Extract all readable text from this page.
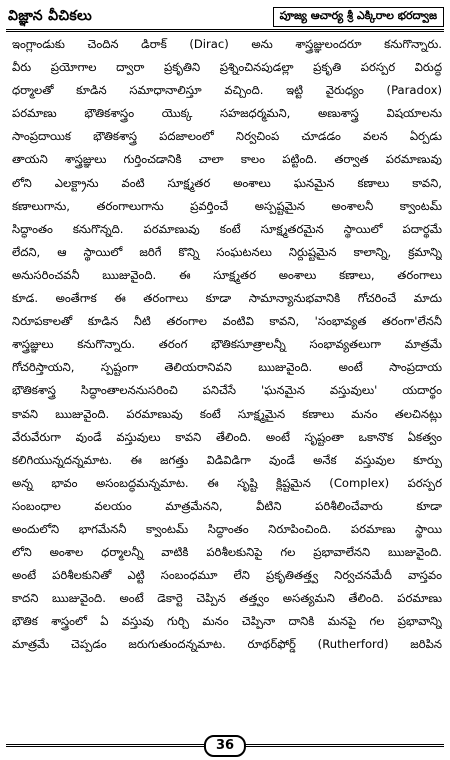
విజ్ఞాన వీచికలు	పూజ్య ఆచార్య శ్రీ ఎక్కిరాల భరద్వాజ
ఇంగ్లాండుకు చెందిన డిరాక్ (Dirac) అను శాస్త్రజ్ఞులందరూ కనుగొన్నారు.
వీరు ప్రయోగాల ద్వారా ప్రకృతిని ప్రశ్నించినపుడల్లా ప్రకృతి పరస్పర విరుద్ధ
ధర్మాలతో కూడిన సమాధానాలిస్తూ వచ్చింది. ఇట్టి వైరుధ్యం (Paradox)
పరమాణు భౌతికశాస్త్రం యొక్క సహజధర్మమని, అణుశాస్త్ర విషయాలను
సాంప్రదాయిక భౌతికశాస్త్ర పదజాలంలో నిర్వచింప చూడడం వలన ఏర్పడు
తాయని శాస్త్రజ్ఞులు గుర్తించడానికి చాలా కాలం పట్టింది. తర్వాత పరమాణువు
లోని ఎలక్ట్రాను వంటి సూక్ష్మతర అంశాలు ఘనమైన కణాలు కావని,
కణాలుగాను, తరంగాలుగాను ప్రవర్తించే అస్పష్టమైన అంశాలనీ క్వాంటమ్
సిద్ధాంతం కనుగొన్నది. పరమాణువు కంటే సూక్ష్మతరమైన స్థాయిలో పదార్థమే
లేదని, ఆ స్థాయిలో జరిగే కొన్ని సంఘటనలు నిర్దుష్టమైన కాలాన్ని, క్రమాన్ని
అనుసరించవనీ ఋజువైంది. ఈ సూక్ష్మతర అంశాలు కణాలు, తరంగాలు
కూడ. అంతేగాక ఈ తరంగాలు కూడా సామాన్యానుభవానికి గోచరించే మాదు
నిరూపకాలతో కూడిన నీటి తరంగాల వంటివి కావని, 'సంభావ్యత తరంగా'లేననీ
శాస్త్రజ్ఞులు కనుగొన్నారు. తరంగ భౌతికసూత్రాలన్నీ సంభావ్యతలుగా మాత్రమే
గోచరిస్తాయని, స్పష్టంగా తెలియరానివని ఋజువైంది. అంటే సాంప్రదాయ
భౌతికశాస్త్ర సిద్ధాంతాలననుసరించి పనిచేసే 'ఘనమైన వస్తువులు' యదార్థం
కావని ఋజువైంది. పరమాణువు కంటే సూక్ష్మమైన కణాలు మనం తలచినట్లు
వేరువేరుగా వుండే వస్తువులు కావని తేలింది. అంటే సృష్టంతా ఒకానొక ఏకత్వం
కలిగియున్నదన్నమాట. ఈ జగత్తు విడివిడిగా వుండే అనేక వస్తువుల కూర్పు
అన్న భావం అసంబద్ధమన్నమాట. ఈ సృష్టి క్లిష్టమైన (Complex) పరస్పర
సంబంధాల వలయం మాత్రమేనని, వీటిని పరిశీలించేవారు కూడా
అందులోని భాగమేననీ క్వాంటమ్ సిద్ధాంతం నిరూపించింది. పరమాణు స్థాయి
లోని అంశాల ధర్మాలన్నీ వాటికి పరిశీలకునిపై గల ప్రభావాలేనని ఋజువైంది.
అంటే పరిశీలకునితో ఎట్టి సంబంధమూ లేని ప్రకృతితత్త్వ నిర్వచనమేదీ వాస్తవం
కాదని ఋజువైంది. అంటే డెకార్టె చెప్పిన తత్త్వం అసత్యమని తేలింది. పరమాణు
భౌతిక శాస్త్రంలో ఏ వస్తువు గుర్చి మనం చెప్పినా దానికి మనపై గల ప్రభావాన్ని
మాత్రమే చెప్పడం జరుగుతుందన్నమాట. రూథర్‌ఫోర్డ్ (Rutherford) జరిపిన
36
